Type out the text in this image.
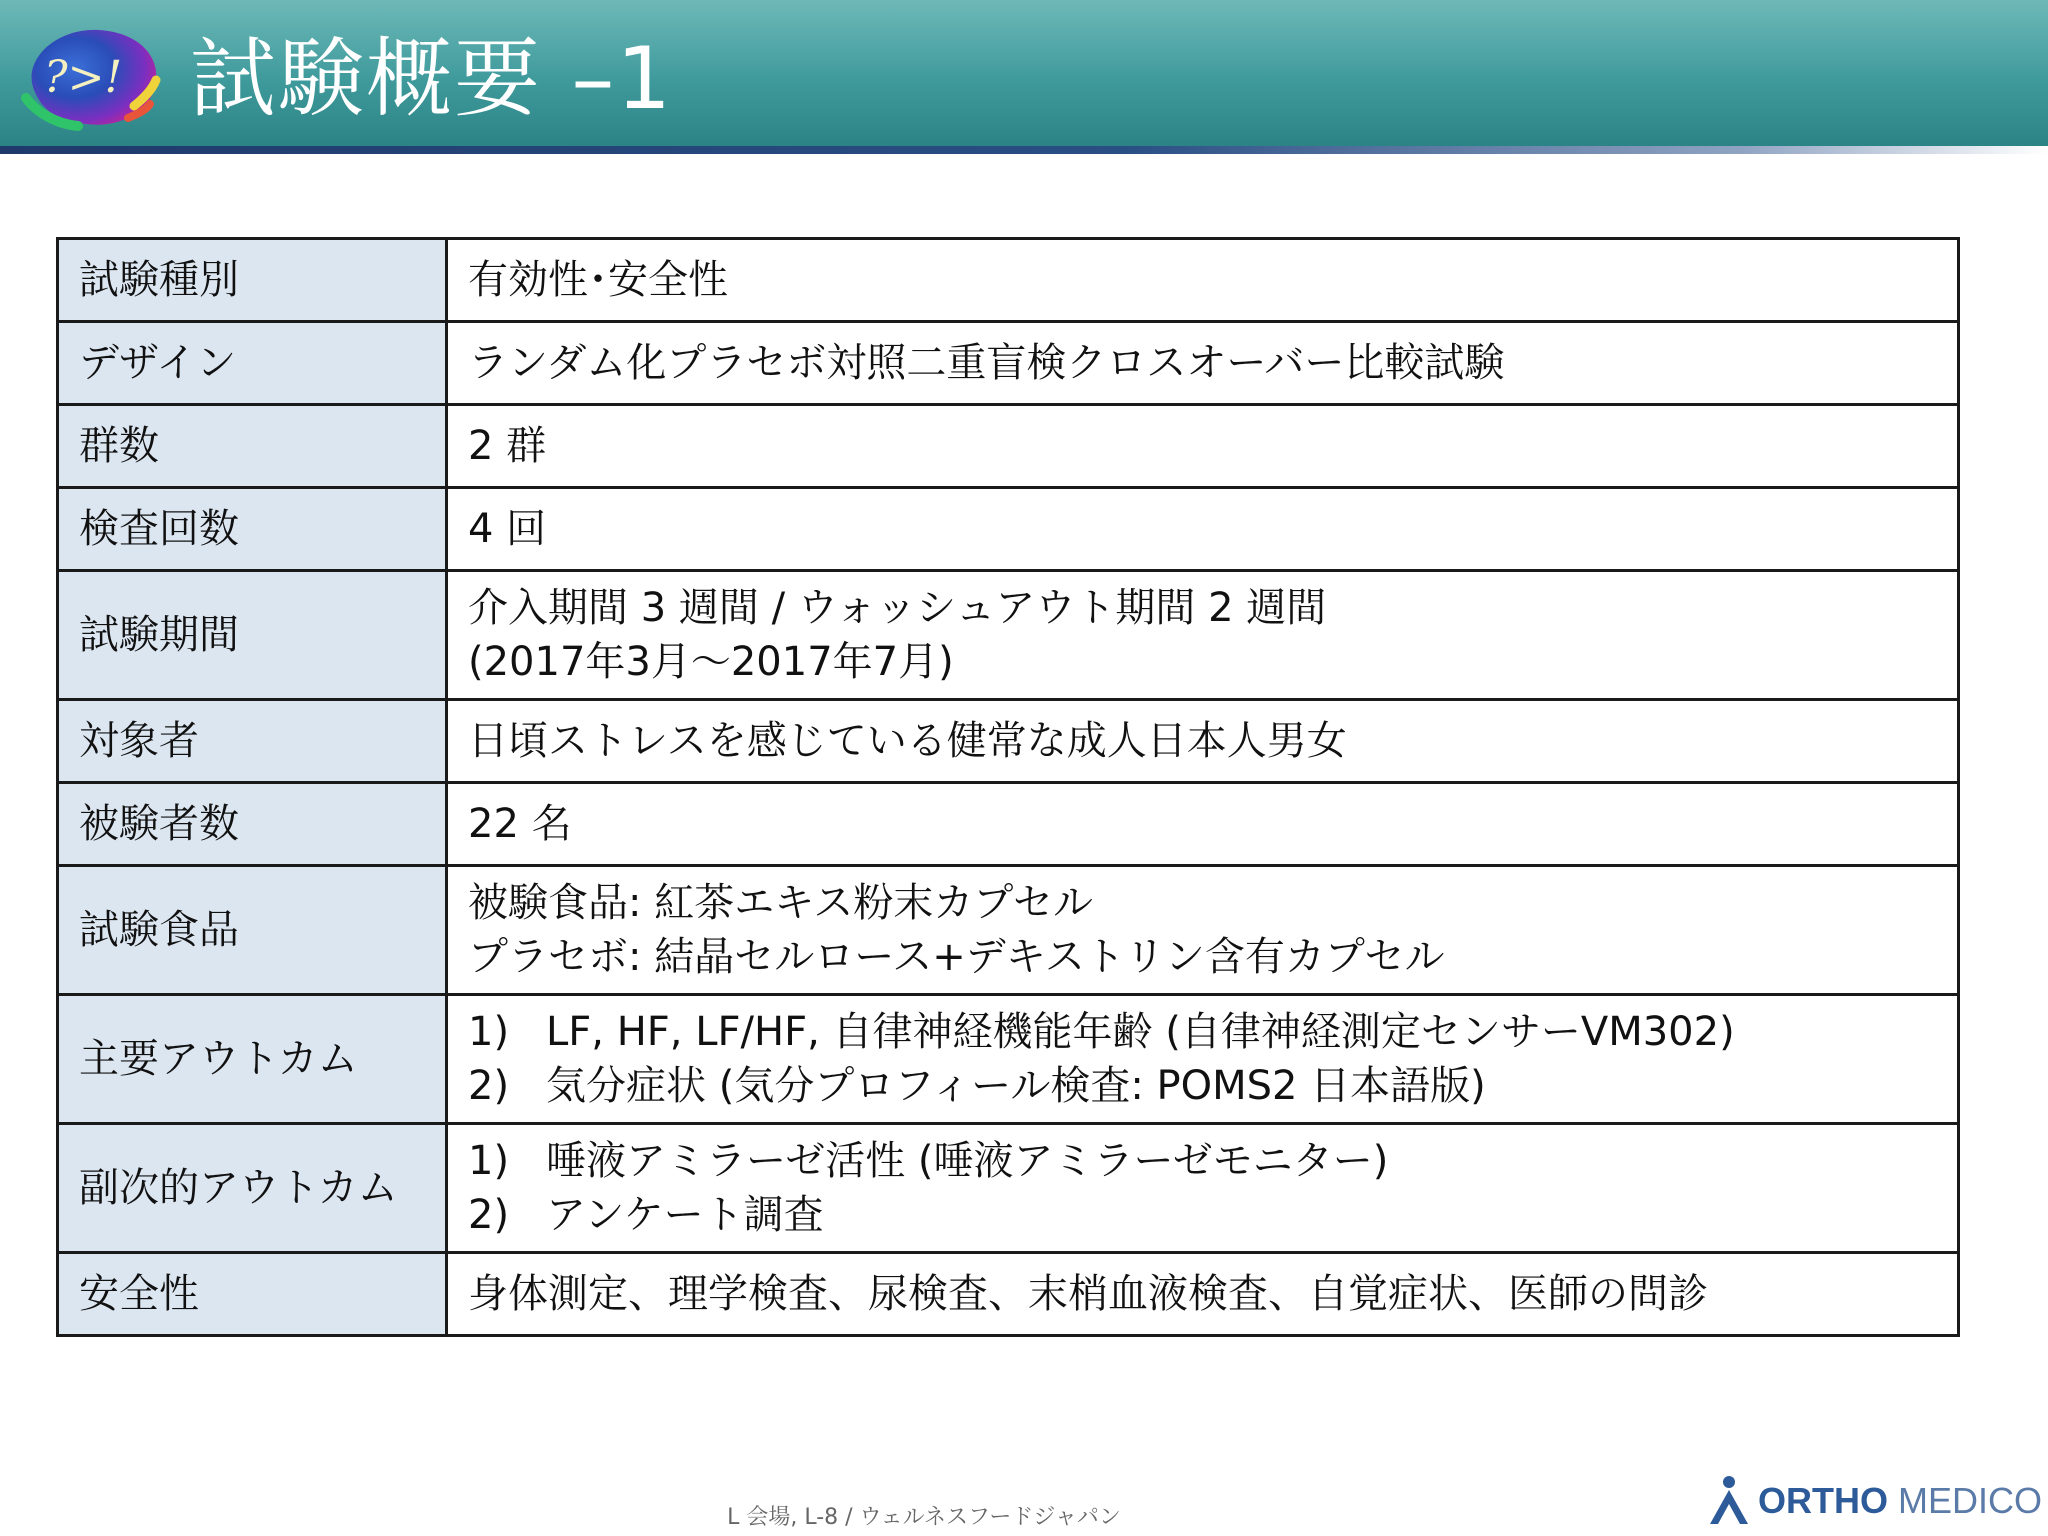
?>! 試験概要 –1
試験種別	有効性･安全性

デザイン	ランダム化プラセボ対照二重盲検クロスオーバー比較試験

群数	2 群

検査回数	4 回

試験期間	介入期間 3 週間 / ウォッシュアウト期間 2 週間
(2017年3月～2017年7月)

対象者	日頃ストレスを感じている健常な成人日本人男女

被験者数	22 名

試験食品	被験食品: 紅茶エキス粉末カプセル
プラセボ: 結晶セルロース+デキストリン含有カプセル

主要アウトカム	1) LF, HF, LF/HF, 自律神経機能年齢 (自律神経測定センサーVM302)
2) 気分症状 (気分プロフィール検査: POMS2 日本語版)

副次的アウトカム	1) 唾液アミラーゼ活性 (唾液アミラーゼモニター)
2) アンケート調査

安全性	身体測定、理学検査、尿検査、末梢血液検査、自覚症状、医師の問診
L 会場, L-8 / ウェルネスフードジャパン	ORTHO MEDICO
